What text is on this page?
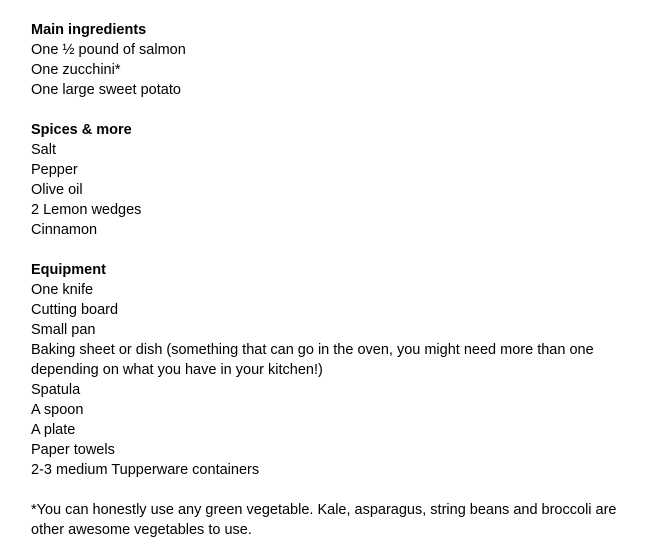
Main ingredients
One ½ pound of salmon
One zucchini*
One large sweet potato
Spices & more
Salt
Pepper
Olive oil
2 Lemon wedges
Cinnamon
Equipment
One knife
Cutting board
Small pan
Baking sheet or dish (something that can go in the oven, you might need more than one depending on what you have in your kitchen!)
Spatula
A spoon
A plate
Paper towels
2-3 medium Tupperware containers
*You can honestly use any green vegetable. Kale, asparagus, string beans and broccoli are other awesome vegetables to use.
